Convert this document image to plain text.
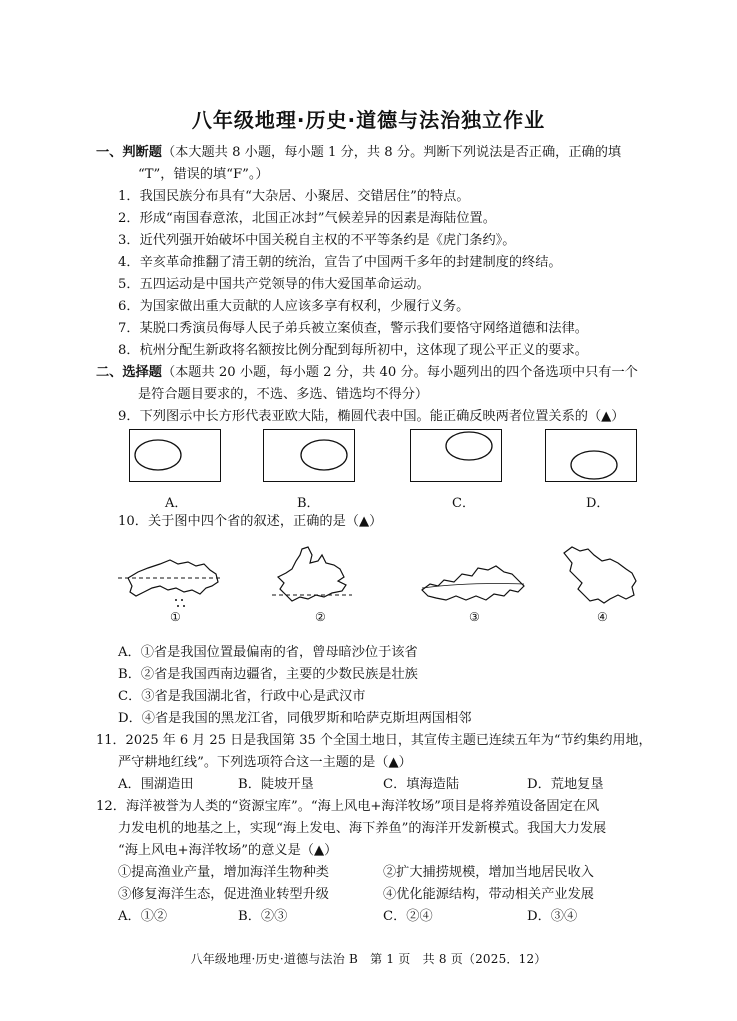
八年级地理·历史·道德与法治独立作业
一、判断题（本大题共 8 小题，每小题 1 分，共 8 分。判断下列说法是否正确，正确的填
“T”，错误的填“F”。）
1．我国民族分布具有“大杂居、小聚居、交错居住”的特点。
2．形成“南国春意浓，北国正冰封”气候差异的因素是海陆位置。
3．近代列强开始破坏中国关税自主权的不平等条约是《虎门条约》。
4．辛亥革命推翻了清王朝的统治，宣告了中国两千多年的封建制度的终结。
5．五四运动是中国共产党领导的伟大爱国革命运动。
6．为国家做出重大贡献的人应该多享有权利，少履行义务。
7．某脱口秀演员侮辱人民子弟兵被立案侦查，警示我们要恪守网络道德和法律。
8．杭州分配生新政将名额按比例分配到每所初中，这体现了现公平正义的要求。
二、选择题（本题共 20 小题，每小题 2 分，共 40 分。每小题列出的四个备选项中只有一个
是符合题目要求的，不选、多选、错选均不得分）
9．下列图示中长方形代表亚欧大陆，椭圆代表中国。能正确反映两者位置关系的（▲）
A．	B．	C．	D．
10．关于图中四个省的叙述，正确的是（▲）
①	②	③	④
A．①省是我国位置最偏南的省，曾母暗沙位于该省
B．②省是我国西南边疆省，主要的少数民族是壮族
C．③省是我国湖北省，行政中心是武汉市
D．④省是我国的黑龙江省，同俄罗斯和哈萨克斯坦两国相邻
11．2025 年 6 月 25 日是我国第 35 个全国土地日，其宣传主题已连续五年为“节约集约用地，
严守耕地红线”。下列选项符合这一主题的是（▲）
A．围湖造田	B．陡坡开垦	C．填海造陆	D．荒地复垦
12．海洋被誉为人类的“资源宝库”。“海上风电+海洋牧场”项目是将养殖设备固定在风
力发电机的地基之上，实现“海上发电、海下养鱼”的海洋开发新模式。我国大力发展
“海上风电+海洋牧场”的意义是（▲）
①提高渔业产量，增加海洋生物种类	②扩大捕捞规模，增加当地居民收入
③修复海洋生态，促进渔业转型升级	④优化能源结构，带动相关产业发展
A．①②	B．②③	C．②④	D．③④
八年级地理·历史·道德与法治 B　第 1 页　共 8 页（2025．12）
